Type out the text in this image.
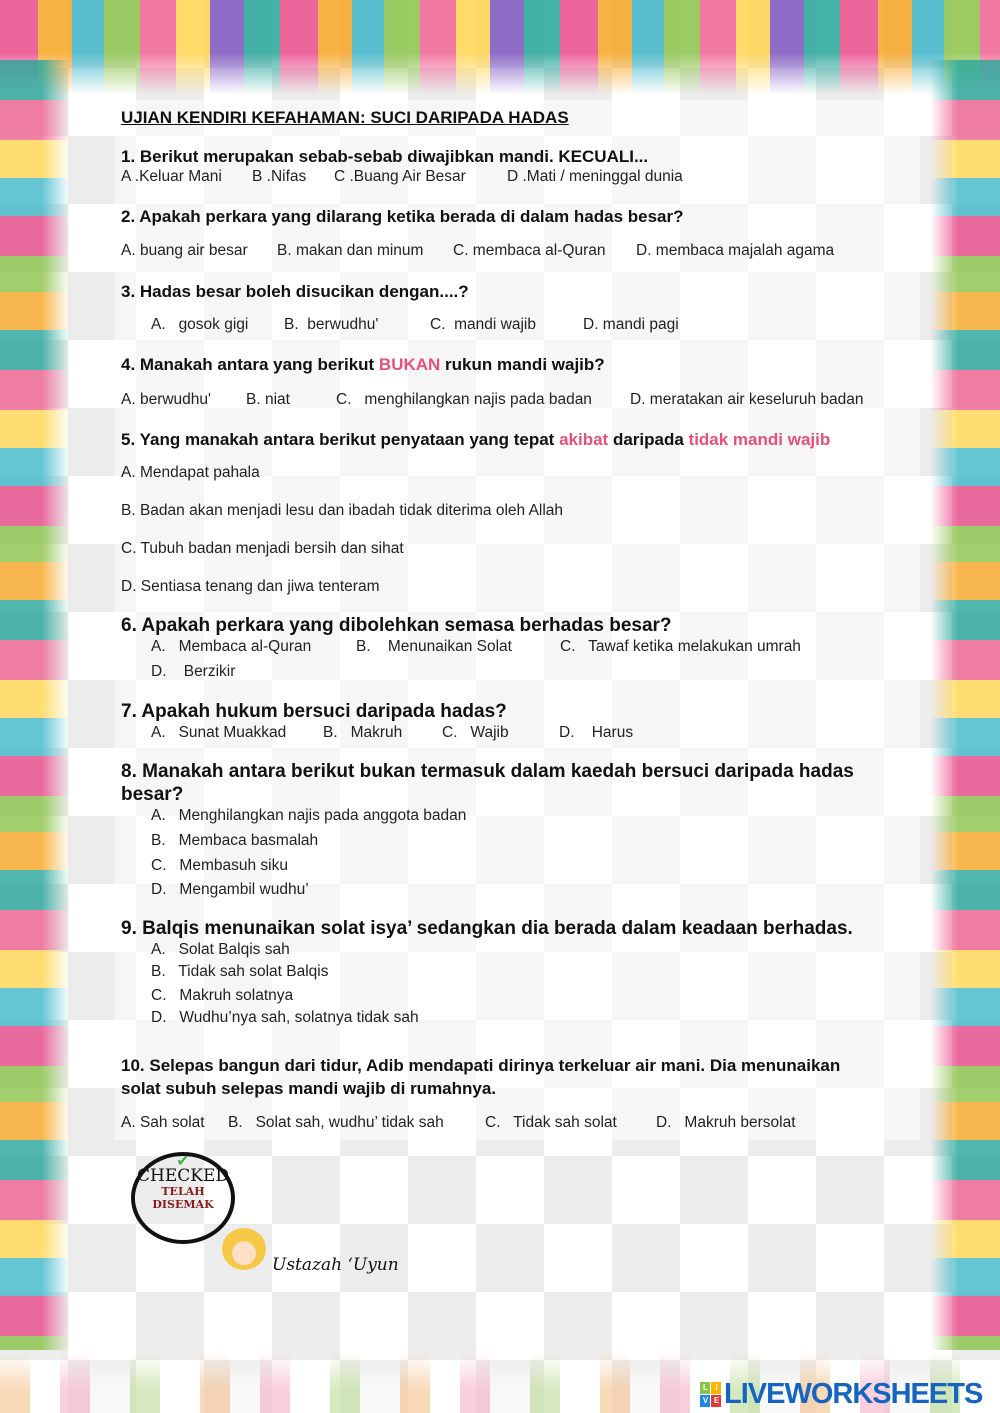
UJIAN KENDIRI KEFAHAMAN: SUCI DARIPADA HADAS
1. Berikut merupakan sebab-sebab diwajibkan mandi. KECUALI...
A .Keluar Mani B .Nifas C .Buang Air Besar	D .Mati / meninggal dunia
2. Apakah perkara yang dilarang ketika berada di dalam hadas besar?
A. buang air besar B. makan dan minum C. membaca al-Quran D. membaca majalah agama
3. Hadas besar boleh disucikan dengan....?
A.   gosok gigi B.  berwudhu'	C.  mandi wajib	D. mandi pagi
4. Manakah antara yang berikut BUKAN rukun mandi wajib?
A. berwudhu' B. niat	C.   menghilangkan najis pada badan D. meratakan air keseluruh badan
5. Yang manakah antara berikut penyataan yang tepat akibat daripada tidak mandi wajib
A. Mendapat pahala
B. Badan akan menjadi lesu dan ibadah tidak diterima oleh Allah
C. Tubuh badan menjadi bersih dan sihat
D. Sentiasa tenang dan jiwa tenteram
6. Apakah perkara yang dibolehkan semasa berhadas besar?
A.   Membaca al-Quran	B.    Menunaikan Solat	C.   Tawaf ketika melakukan umrah
D.    Berzikir
7. Apakah hukum bersuci daripada hadas?
A.   Sunat Muakkad B.   Makruh	C.   Wajib	D.    Harus
8. Manakah antara berikut bukan termasuk dalam kaedah bersuci daripada hadas
besar?
A.   Menghilangkan najis pada anggota badan
B.   Membaca basmalah
C.   Membasuh siku
D.   Mengambil wudhu’
9. Balqis menunaikan solat isya’ sedangkan dia berada dalam keadaan berhadas.
A.   Solat Balqis sah
B.   Tidak sah solat Balqis
C.   Makruh solatnya
D.   Wudhu’nya sah, solatnya tidak sah
10. Selepas bangun dari tidur, Adib mendapati dirinya terkeluar air mani. Dia menunaikan
solat subuh selepas mandi wajib di rumahnya.
A. Sah solat B.   Solat sah, wudhu’ tidak sah	C.   Tidak sah solat	D.   Makruh bersolat
✔
CHECKED
TELAH
DISEMAK
Ustazah ‘Uyun
L	I
V E LIVEWORKSHEETS
